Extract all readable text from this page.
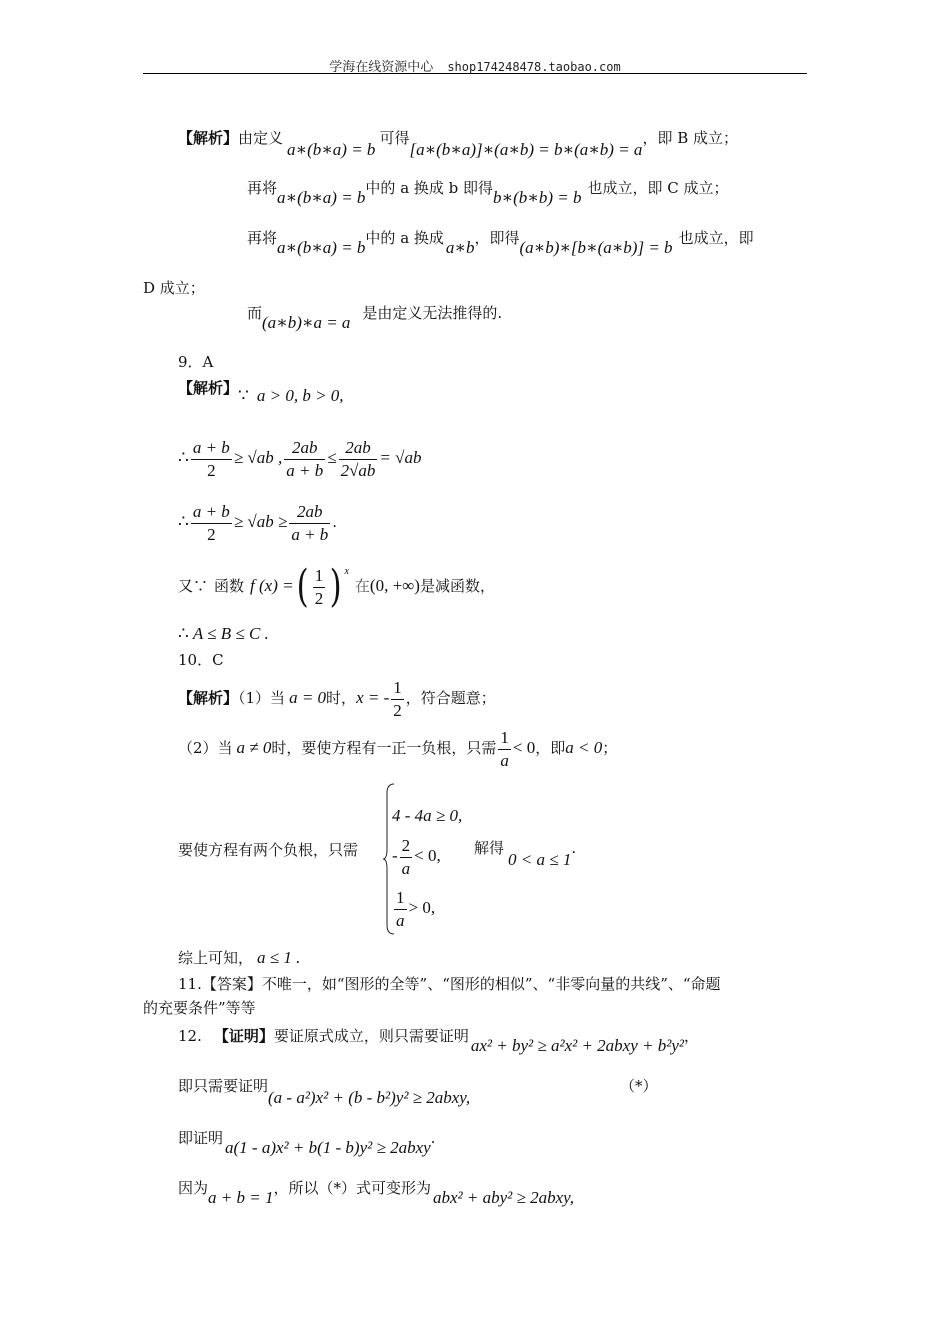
学海在线资源中心 shop174248478.taobao.com
【解析】由定义a∗(b∗a) = b可得[a∗(b∗a)]∗(a∗b) = b∗(a∗b) = a，即 B 成立；
再将a∗(b∗a) = b中的 a 换成 b 即得b∗(b∗b) = b 也成立，即 C 成立；
再将a∗(b∗a) = b中的 a 换成 a∗b，即得(a∗b)∗[b∗(a∗b)] = b 也成立，即
D 成立；
而(a∗b)∗a = a 是由定义无法推得的.
9．A
【解析】∵ a > 0, b > 0,
∴ $\frac{a + b}{2} \ge √ab$ , $\frac{2ab}{a + b} \le \frac{2ab}{2√ab} = √ab$
∴ $\frac{a + b}{2} \ge √ab \ge \frac{2ab}{a + b}$ .
又∵ 函数 f (x) =( $\frac{1}{2}$ ) $^x$在(0, +∞)是减函数，
∴ A ≤ B ≤ C .
10．C
【解析】（1）当 a = 0时，x = - $\frac{1}{2}$ ，符合题意；
（2）当 a ≠ 0时，要使方程有一正一负根，只需 $\frac{1}{a} < 0$，即a < 0；
要使方程有两个负根，只需
4 - 4a ≥ 0,
- $\frac{2}{a} < 0$,
$\frac{1}{a} > 0$,
解得0 < a ≤ 1.
综上可知， a ≤ 1 .
11.【答案】不唯一，如“图形的全等”、“图形的相似”、“非零向量的共线”、“命题
的充要条件”等等
12. 【证明】要证原式成立，则只需要证明 ax² + by² ≥ a²x² + 2abxy + b²y²，
即只需要证明(a - a²)x² + (b - b²)y² ≥ 2abxy,
（*）
即证明 a(1 - a)x² + b(1 - b)y² ≥ 2abxy.
因为a + b = 1，所以（*）式可变形为 abx² + aby² ≥ 2abxy,
